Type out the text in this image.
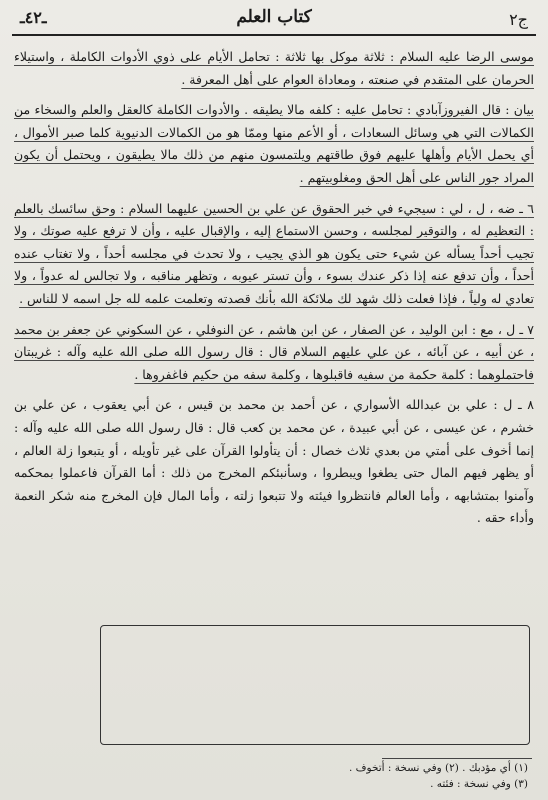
ج٢
كتاب العلم
ـ٤٢ـ

موسى الرضا عليه السلام : ثلاثة موكل بها ثلاثة : تحامل الأيام على ذوي الأدوات الكاملة ، واستيلاء الحرمان على المتقدم في صنعته ، ومعاداة العوام على أهل المعرفة .

بيان : قال الفيروزآبادي : تحامل عليه : كلفه مالا يطيقه . والأدوات الكاملة كالعقل والعلم والسخاء من الكمالات التي هي وسائل السعادات ، أو الأعم منها وممّا هو من الكمالات الدنيوية كلما صبر الأموال ، أي يحمل الأيام وأهلها عليهم فوق طاقتهم ويلتمسون منهم من ذلك مالا يطيقون ، ويحتمل أن يكون المراد جور الناس على أهل الحق ومغلوبيتهم .

٦ ـ ضه ، ل ، لي : سيجيء في خبر الحقوق عن علي بن الحسين عليهما السلام : وحق سائسك بالعلم : التعظيم له ، والتوقير لمجلسه ، وحسن الاستماع إليه ، والإقبال عليه ، وأن لا ترفع عليه صوتك ، ولا تجيب أحداً يسأله عن شيء حتى يكون هو الذي يجيب ، ولا تحدث في مجلسه أحداً ، ولا تغتاب عنده أحداً ، وأن تدفع عنه إذا ذكر عندك بسوء ، وأن تستر عيوبه ، وتظهر مناقبه ، ولا تجالس له عدواً ، ولا تعادي له ولياً ، فإذا فعلت ذلك شهد لك ملائكة الله بأنك قصدته وتعلمت علمه لله جل اسمه لا للناس .

٧ ـ ل ، مع : ابن الوليد ، عن الصفار ، عن ابن هاشم ، عن النوفلي ، عن السكوني عن جعفر بن محمد ، عن أبيه ، عن آبائه ، عن علي عليهم السلام قال : قال رسول الله صلى الله عليه وآله : غريبتان فاحتملوهما : كلمة حكمة من سفيه فاقبلوها ، وكلمة سفه من حكيم فاغفروها .

٨ ـ ل : علي بن عبدالله الأسواري ، عن أحمد بن محمد بن قيس ، عن أبي يعقوب ، عن علي بن خشرم ، عن عيسى ، عن أبي عبيدة ، عن محمد بن كعب قال : قال رسول الله صلى الله عليه وآله : إنما أخوف على أمتي من بعدي ثلاث خصال : أن يتأولوا القرآن على غير تأويله ، أو يتبعوا زلة العالم ، أو يظهر فيهم المال حتى يطغوا ويبطروا ، وسأنبئكم المخرج من ذلك : أما القرآن فاعملوا بمحكمه وآمنوا بمتشابهه ، وأما العالم فانتظروا فيئته ولا تتبعوا زلته ، وأما المال فإن المخرج منه شكر النعمة وأداء حقه .

(١) أي مؤدبك . (٢) وفي نسخة : أتخوف .
(٣) وفي نسخة : فئته .
